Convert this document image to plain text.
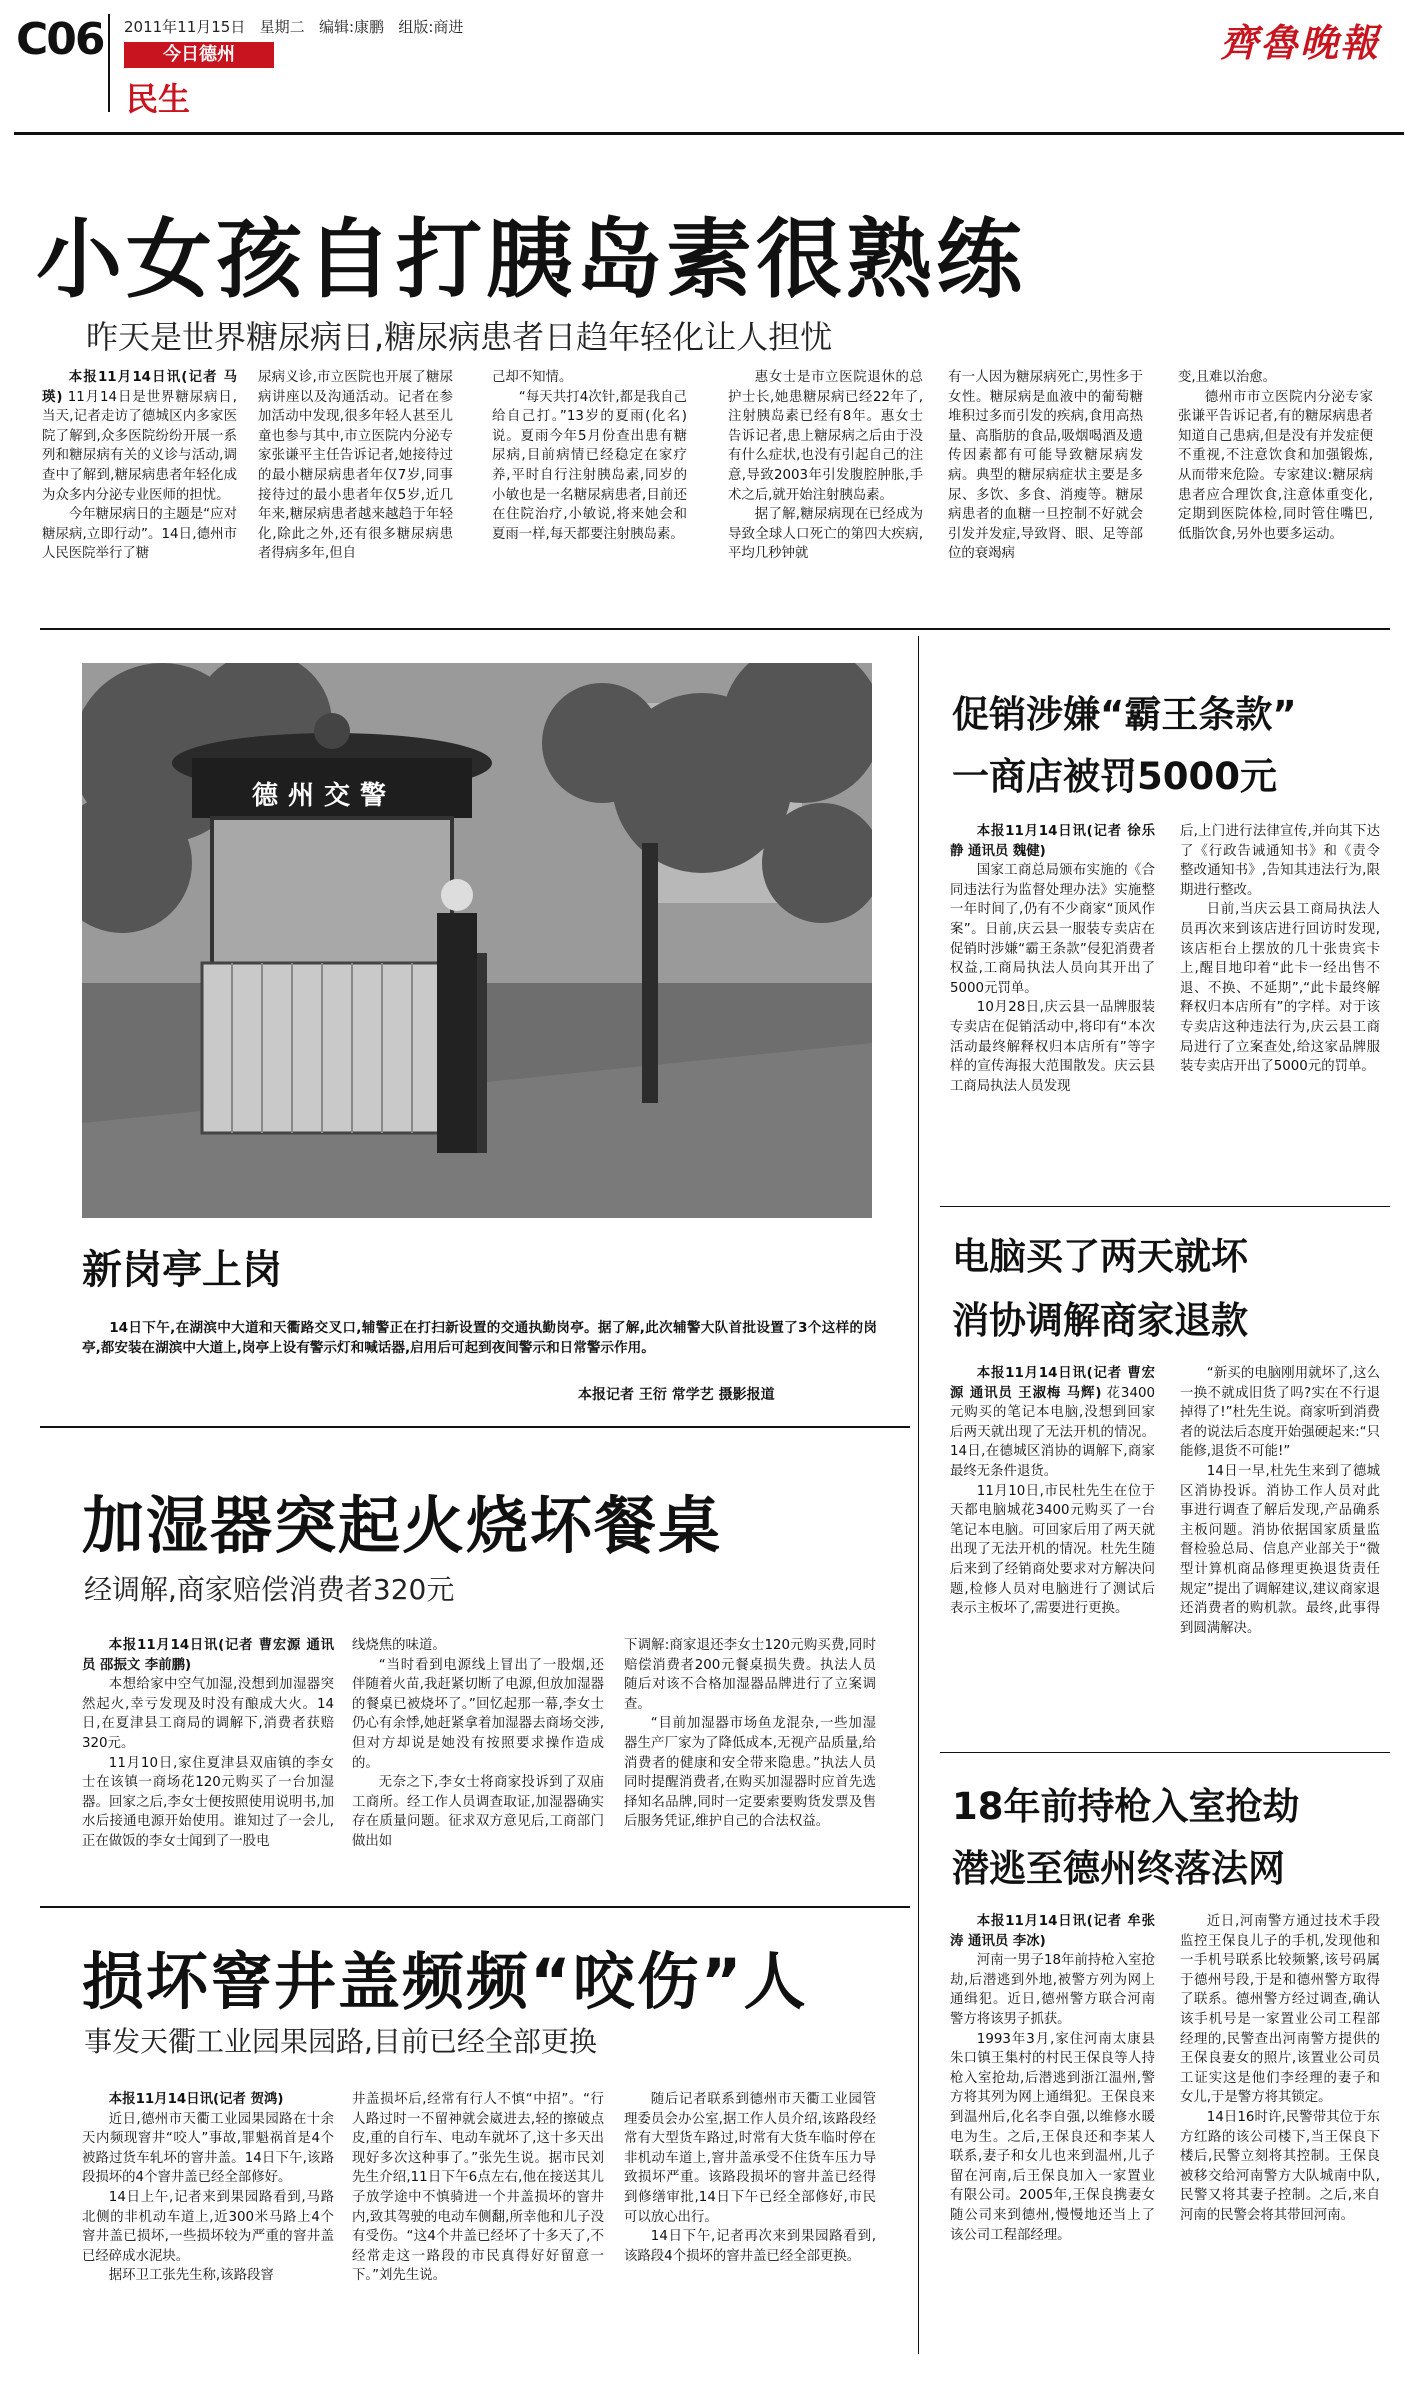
C06 2011年11月15日 星期二 编辑:康鹏 组版:商进
今日德州
民生
齊魯晚報
小女孩自打胰岛素很熟练
昨天是世界糖尿病日,糖尿病患者日趋年轻化让人担忧

本报11月14日讯(记者 马瑛) 11月14日是世界糖尿病日,当天,记者走访了德城区内多家医院了解到,众多医院纷纷开展一系列和糖尿病有关的义诊与活动,调查中了解到,糖尿病患者年轻化成为众多内分泌专业医师的担忧。

今年糖尿病日的主题是“应对糖尿病,立即行动”。14日,德州市人民医院举行了糖

尿病义诊,市立医院也开展了糖尿病讲座以及沟通活动。记者在参加活动中发现,很多年轻人甚至儿童也参与其中,市立医院内分泌专家张谦平主任告诉记者,她接待过的最小糖尿病患者年仅7岁,同事接待过的最小患者年仅5岁,近几年来,糖尿病患者越来越趋于年轻化,除此之外,还有很多糖尿病患者得病多年,但自

己却不知情。

“每天共打4次针,都是我自己给自己打。”13岁的夏雨(化名)说。夏雨今年5月份查出患有糖尿病,目前病情已经稳定在家疗养,平时自行注射胰岛素,同岁的小敏也是一名糖尿病患者,目前还在住院治疗,小敏说,将来她会和夏雨一样,每天都要注射胰岛素。

惠女士是市立医院退休的总护士长,她患糖尿病已经22年了,注射胰岛素已经有8年。惠女士告诉记者,患上糖尿病之后由于没有什么症状,也没有引起自己的注意,导致2003年引发腹腔肿胀,手术之后,就开始注射胰岛素。

据了解,糖尿病现在已经成为导致全球人口死亡的第四大疾病,平均几秒钟就

有一人因为糖尿病死亡,男性多于女性。糖尿病是血液中的葡萄糖堆积过多而引发的疾病,食用高热量、高脂肪的食品,吸烟喝酒及遗传因素都有可能导致糖尿病发病。典型的糖尿病症状主要是多尿、多饮、多食、消瘦等。糖尿病患者的血糖一旦控制不好就会引发并发症,导致肾、眼、足等部位的衰竭病

变,且难以治愈。

德州市市立医院内分泌专家张谦平告诉记者,有的糖尿病患者知道自己患病,但是没有并发症便不重视,不注意饮食和加强锻炼,从而带来危险。专家建议:糖尿病患者应合理饮食,注意体重变化,定期到医院体检,同时管住嘴巴,低脂饮食,另外也要多运动。

德州交警
新岗亭上岗
14日下午,在湖滨中大道和天衢路交叉口,辅警正在打扫新设置的交通执勤岗亭。据了解,此次辅警大队首批设置了3个这样的岗亭,都安装在湖滨中大道上,岗亭上设有警示灯和喊话器,启用后可起到夜间警示和日常警示作用。
本报记者 王衍 常学艺 摄影报道
促销涉嫌“霸王条款”
一商店被罚5000元

本报11月14日讯(记者 徐乐静 通讯员 魏健)

国家工商总局颁布实施的《合同违法行为监督处理办法》实施整一年时间了,仍有不少商家“顶风作案”。日前,庆云县一服装专卖店在促销时涉嫌“霸王条款”侵犯消费者权益,工商局执法人员向其开出了5000元罚单。

10月28日,庆云县一品牌服装专卖店在促销活动中,将印有“本次活动最终解释权归本店所有”等字样的宣传海报大范围散发。庆云县工商局执法人员发现

后,上门进行法律宣传,并向其下达了《行政告诫通知书》和《责令整改通知书》,告知其违法行为,限期进行整改。

日前,当庆云县工商局执法人员再次来到该店进行回访时发现,该店柜台上摆放的几十张贵宾卡上,醒目地印着“此卡一经出售不退、不换、不延期”,“此卡最终解释权归本店所有”的字样。对于该专卖店这种违法行为,庆云县工商局进行了立案查处,给这家品牌服装专卖店开出了5000元的罚单。

电脑买了两天就坏
消协调解商家退款

本报11月14日讯(记者 曹宏源 通讯员 王淑梅 马辉) 花3400元购买的笔记本电脑,没想到回家后两天就出现了无法开机的情况。14日,在德城区消协的调解下,商家最终无条件退货。

11月10日,市民杜先生在位于天都电脑城花3400元购买了一台笔记本电脑。可回家后用了两天就出现了无法开机的情况。杜先生随后来到了经销商处要求对方解决问题,检修人员对电脑进行了测试后表示主板坏了,需要进行更换。

“新买的电脑刚用就坏了,这么一换不就成旧货了吗?实在不行退掉得了!”杜先生说。商家听到消费者的说法后态度开始强硬起来:“只能修,退货不可能!”

14日一早,杜先生来到了德城区消协投诉。消协工作人员对此事进行调查了解后发现,产品确系主板问题。消协依据国家质量监督检验总局、信息产业部关于“微型计算机商品修理更换退货责任规定”提出了调解建议,建议商家退还消费者的购机款。最终,此事得到圆满解决。

加湿器突起火烧坏餐桌
经调解,商家赔偿消费者320元

本报11月14日讯(记者 曹宏源 通讯员 邵振文 李前鹏)

本想给家中空气加湿,没想到加湿器突然起火,幸亏发现及时没有酿成大火。14日,在夏津县工商局的调解下,消费者获赔320元。

11月10日,家住夏津县双庙镇的李女士在该镇一商场花120元购买了一台加湿器。回家之后,李女士便按照使用说明书,加水后接通电源开始使用。谁知过了一会儿,正在做饭的李女士闻到了一股电

线烧焦的味道。

“当时看到电源线上冒出了一股烟,还伴随着火苗,我赶紧切断了电源,但放加湿器的餐桌已被烧坏了。”回忆起那一幕,李女士仍心有余悸,她赶紧拿着加湿器去商场交涉,但对方却说是她没有按照要求操作造成的。

无奈之下,李女士将商家投诉到了双庙工商所。经工作人员调查取证,加湿器确实存在质量问题。征求双方意见后,工商部门做出如

下调解:商家退还李女士120元购买费,同时赔偿消费者200元餐桌损失费。执法人员随后对该不合格加湿器品牌进行了立案调查。

“目前加湿器市场鱼龙混杂,一些加湿器生产厂家为了降低成本,无视产品质量,给消费者的健康和安全带来隐患。”执法人员同时提醒消费者,在购买加湿器时应首先选择知名品牌,同时一定要索要购货发票及售后服务凭证,维护自己的合法权益。

损坏窨井盖频频“咬伤”人
事发天衢工业园果园路,目前已经全部更换

本报11月14日讯(记者 贺鸿)

近日,德州市天衢工业园果园路在十余天内频现窨井“咬人”事故,罪魁祸首是4个被路过货车轧坏的窨井盖。14日下午,该路段损坏的4个窨井盖已经全部修好。

14日上午,记者来到果园路看到,马路北侧的非机动车道上,近300米马路上4个窨井盖已损坏,一些损坏较为严重的窨井盖已经碎成水泥块。

据环卫工张先生称,该路段窨

井盖损坏后,经常有行人不慎“中招”。“行人路过时一不留神就会崴进去,轻的擦破点皮,重的自行车、电动车就坏了,这十多天出现好多次这种事了。”张先生说。据市民刘先生介绍,11日下午6点左右,他在接送其儿子放学途中不慎骑进一个井盖损坏的窨井内,致其驾驶的电动车侧翻,所幸他和儿子没有受伤。“这4个井盖已经坏了十多天了,不经常走这一路段的市民真得好好留意一下。”刘先生说。

随后记者联系到德州市天衢工业园管理委员会办公室,据工作人员介绍,该路段经常有大型货车路过,时常有大货车临时停在非机动车道上,窨井盖承受不住货车压力导致损坏严重。该路段损坏的窨井盖已经得到修缮审批,14日下午已经全部修好,市民可以放心出行。

14日下午,记者再次来到果园路看到,该路段4个损坏的窨井盖已经全部更换。

18年前持枪入室抢劫
潜逃至德州终落法网

本报11月14日讯(记者 牟张涛 通讯员 李冰)

河南一男子18年前持枪入室抢劫,后潜逃到外地,被警方列为网上通缉犯。近日,德州警方联合河南警方将该男子抓获。

1993年3月,家住河南太康县朱口镇王集村的村民王保良等人持枪入室抢劫,后潜逃到浙江温州,警方将其列为网上通缉犯。王保良来到温州后,化名李自强,以维修水暖电为生。之后,王保良还和李某人联系,妻子和女儿也来到温州,儿子留在河南,后王保良加入一家置业有限公司。2005年,王保良携妻女随公司来到德州,慢慢地还当上了该公司工程部经理。

近日,河南警方通过技术手段监控王保良儿子的手机,发现他和一手机号联系比较频繁,该号码属于德州号段,于是和德州警方取得了联系。德州警方经过调查,确认该手机号是一家置业公司工程部经理的,民警查出河南警方提供的王保良妻女的照片,该置业公司员工证实这是他们李经理的妻子和女儿,于是警方将其锁定。

14日16时许,民警带其位于东方红路的该公司楼下,当王保良下楼后,民警立刻将其控制。王保良被移交给河南警方大队城南中队,民警又将其妻子控制。之后,来自河南的民警会将其带回河南。
